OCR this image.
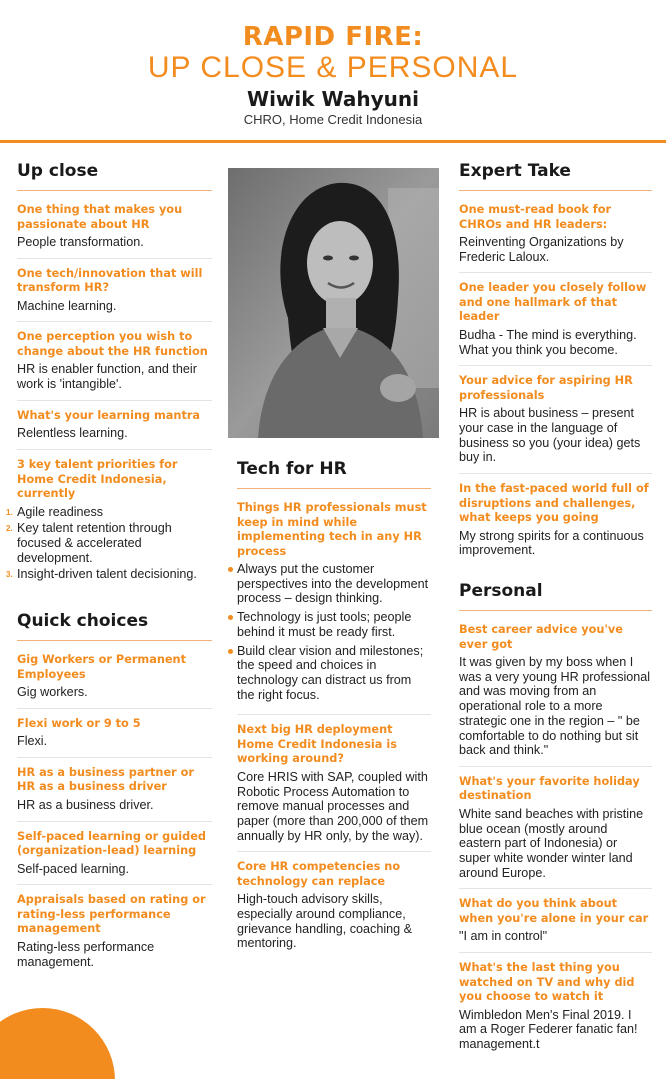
RAPID FIRE:
UP CLOSE & PERSONAL
Wiwik Wahyuni
CHRO, Home Credit Indonesia
Up close
One thing that makes you passionate about HR
People transformation.
One tech/innovation that will transform HR?
Machine learning.
One perception you wish to change about the HR function
HR is enabler function, and their work is 'intangible'.
What's your learning mantra
Relentless learning.
3 key talent priorities for Home Credit Indonesia, currently
1. Agile readiness
2. Key talent retention through focused & accelerated development.
3. Insight-driven talent decisioning.
Quick choices
Gig Workers or Permanent Employees
Gig workers.
Flexi work or 9 to 5
Flexi.
HR as a business partner or HR as a business driver
HR as a business driver.
Self-paced learning or guided (organization-lead) learning
Self-paced learning.
Appraisals based on rating or rating-less performance management
Rating-less performance management.
Tech for HR
Things HR professionals must keep in mind while implementing tech in any HR process
Always put the customer perspectives into the development process – design thinking.
Technology is just tools; people behind it must be ready first.
Build clear vision and milestones; the speed and choices in technology can distract us from the right focus.
Next big HR deployment Home Credit Indonesia is working around?
Core HRIS with SAP, coupled with Robotic Process Automation to remove manual processes and paper (more than 200,000 of them annually by HR only, by the way).
Core HR competencies no technology can replace
High-touch advisory skills, especially around compliance, grievance handling, coaching & mentoring.
Expert Take
One must-read book for CHROs and HR leaders:
Reinventing Organizations by Frederic Laloux.
One leader you closely follow and one hallmark of that leader
Budha - The mind is everything. What you think you become.
Your advice for aspiring HR professionals
HR is about business – present your case in the language of business so you (your idea) gets buy in.
In the fast-paced world full of disruptions and challenges, what keeps you going
My strong spirits for a continuous improvement.
Personal
Best career advice you've ever got
It was given by my boss when I was a very young HR professional and was moving from an operational role to a more strategic one in the region – " be comfortable to do nothing but sit back and think."
What's your favorite holiday destination
White sand beaches with pristine blue ocean (mostly around eastern part of Indonesia) or super white wonder winter land around Europe.
What do you think about when you're alone in your car
"I am in control"
What's the last thing you watched on TV and why did you choose to watch it
Wimbledon Men's Final 2019. I am a Roger Federer fanatic fan! management.t
